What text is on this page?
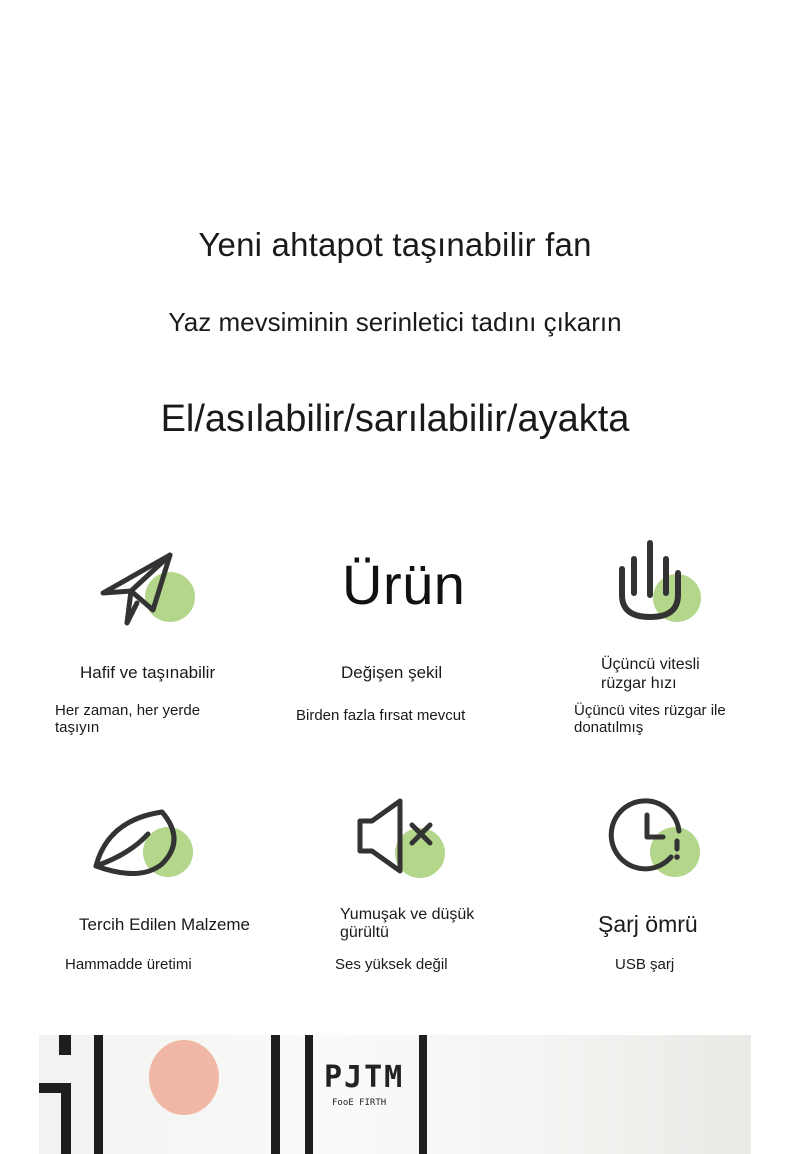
Yeni ahtapot taşınabilir fan
Yaz mevsiminin serinletici tadını çıkarın
El/asılabilir/sarılabilir/ayakta
Hafif ve taşınabilir
Her zaman, her yerde taşıyın
Ürün
Değişen şekil
Birden fazla fırsat mevcut
Üçüncü vitesli rüzgar hızı
Üçüncü vites rüzgar ile donatılmış
Tercih Edilen Malzeme
Hammadde üretimi
Yumuşak ve düşük gürültü
Ses yüksek değil
Şarj ömrü
USB şarj
PJTM
FooE FIRTH
